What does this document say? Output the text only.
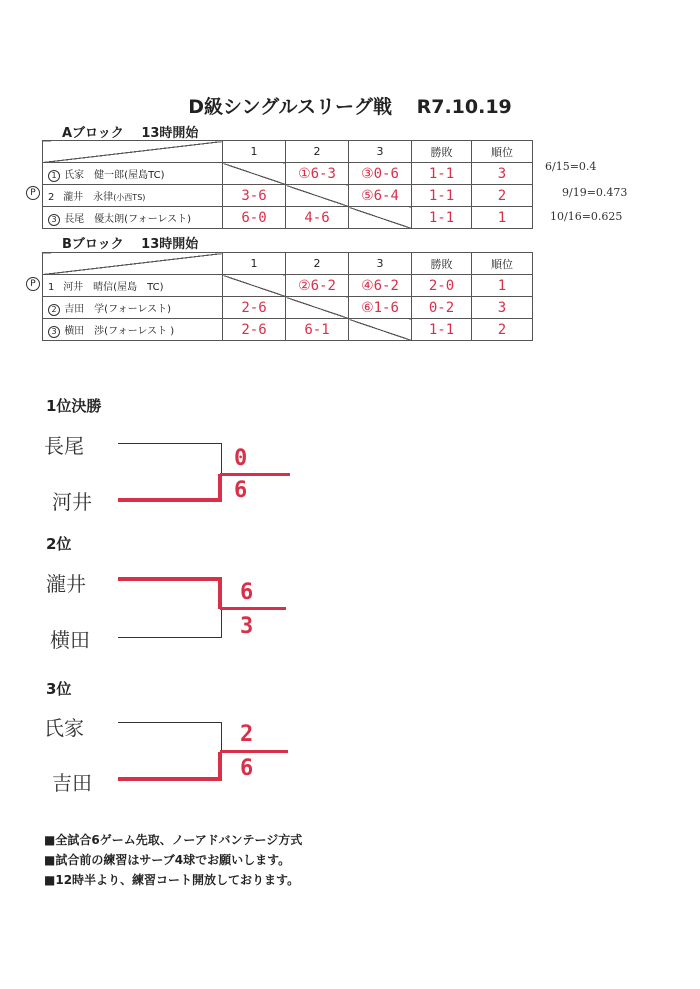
D級シングルスリーグ戦 R7.10.19
Aブロック　 13時開始
	1	2	3	勝敗	順位
1 氏家　健一郎(屋島TC)		①6-3	③0-6	1-1	3

2 瀧井　永律(小西TS)	3-6		⑤6-4	1-1	2

3 長尾　優太朗(フォーレスト)	6-0	4-6		1-1	1
P
6/15=0.4
9/19=0.473
10/16=0.625
Bブロック　 13時開始
	1	2	3	勝敗	順位
1 河井　晴信(屋島　TC)		②6-2	④6-2	2-0	1

2 吉田　学(フォーレスト)	2-6		⑥1-6	0-2	3

3 横田　渉(フォーレスト )	2-6	6-1		1-1	2
P
1位決勝
長尾
河井
0
6
2位
瀧井
横田
6
3
3位
氏家
吉田
2
6
■全試合6ゲーム先取、ノーアドバンテージ方式
■試合前の練習はサーブ4球でお願いします。
■12時半より、練習コート開放しております。
